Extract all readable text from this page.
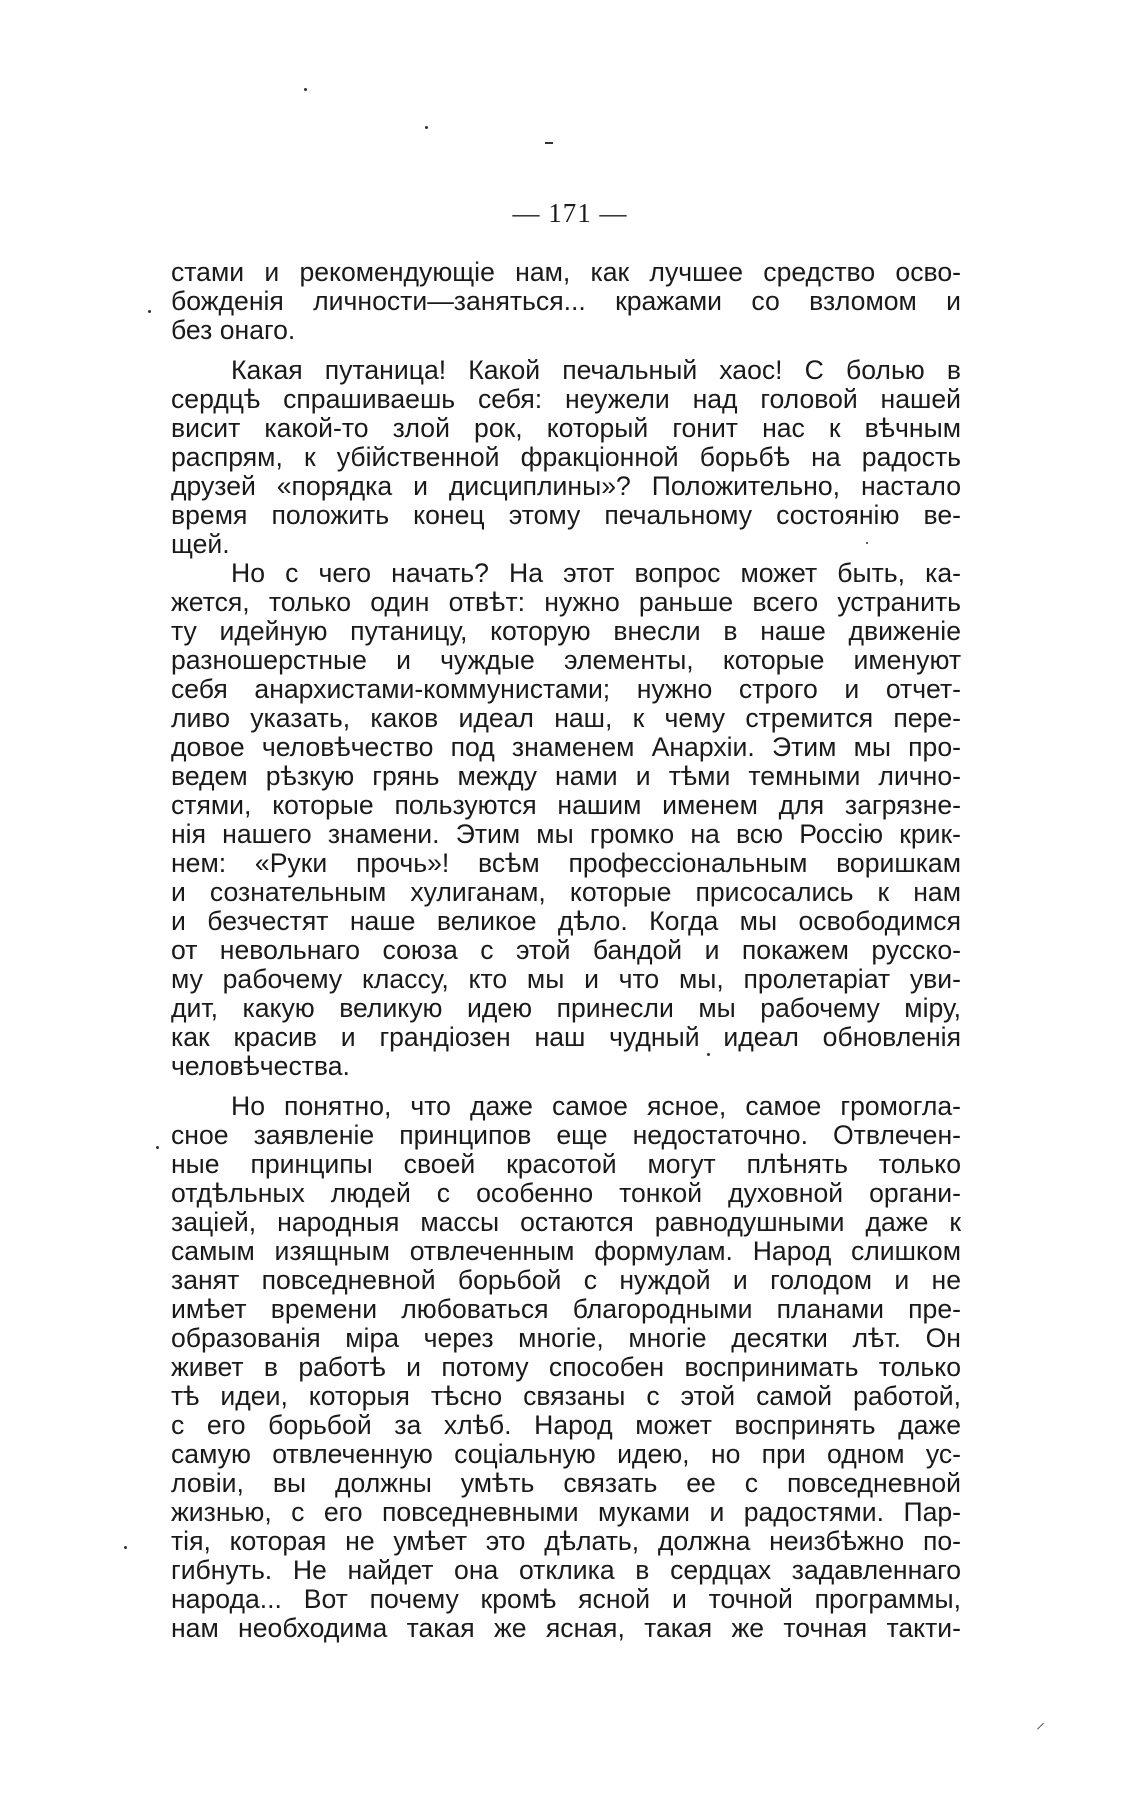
— 171 —
стами и рекомендующіе нам, как лучшее средство осво-
божденія личности—заняться... кражами со взломом и
без онаго.
Какая путаница! Какой печальный хаос! С болью в
сердцѣ спрашиваешь себя: неужели над головой нашей
висит какой-то злой рок, который гонит нас к вѣчным
распрям, к убійственной фракціонной борьбѣ на радость
друзей «порядка и дисциплины»? Положительно, настало
время положить конец этому печальному состоянію ве-
щей.
Но с чего начать? На этот вопрос может быть, ка-
жется, только один отвѣт: нужно раньше всего устранить
ту идейную путаницу, которую внесли в наше движеніе
разношерстные и чуждые элементы, которые именуют
себя анархистами-коммунистами; нужно строго и отчет-
ливо указать, каков идеал наш, к чему стремится пере-
довое человѣчество под знаменем Анархіи. Этим мы про-
ведем рѣзкую грянь между нами и тѣми темными лично-
стями, которые пользуются нашим именем для загрязне-
нія нашего знамени. Этим мы громко на всю Россію крик-
нем: «Руки прочь»! всѣм профессіональным воришкам
и сознательным хулиганам, которые присосались к нам
и безчестят наше великое дѣло. Когда мы освободимся
от невольнаго союза с этой бандой и покажем русско-
му рабочему классу, кто мы и что мы, пролетаріат уви-
дит, какую великую идею принесли мы рабочему міру,
как красив и грандіозен наш чудный идеал обновленія
человѣчества.
Но понятно, что даже самое ясное, самое громогла-
сное заявленіе принципов еще недостаточно. Отвлечен-
ные принципы своей красотой могут плѣнять только
отдѣльных людей с особенно тонкой духовной органи-
заціей, народныя массы остаются равнодушными даже к
самым изящным отвлеченным формулам. Народ слишком
занят повседневной борьбой с нуждой и голодом и не
имѣет времени любоваться благородными планами пре-
образованія міра через многіе, многіе десятки лѣт. Он
живет в работѣ и потому способен воспринимать только
тѣ идеи, которыя тѣсно связаны с этой самой работой,
с его борьбой за хлѣб. Народ может воспринять даже
самую отвлеченную соціальную идею, но при одном ус-
ловіи, вы должны умѣть связать ее с повседневной
жизнью, с его повседневными муками и радостями. Пар-
тія, которая не умѣет это дѣлать, должна неизбѣжно по-
гибнуть. Не найдет она отклика в сердцах задавленнаго
народа... Вот почему кромѣ ясной и точной программы,
нам необходима такая же ясная, такая же точная такти-
⸝
